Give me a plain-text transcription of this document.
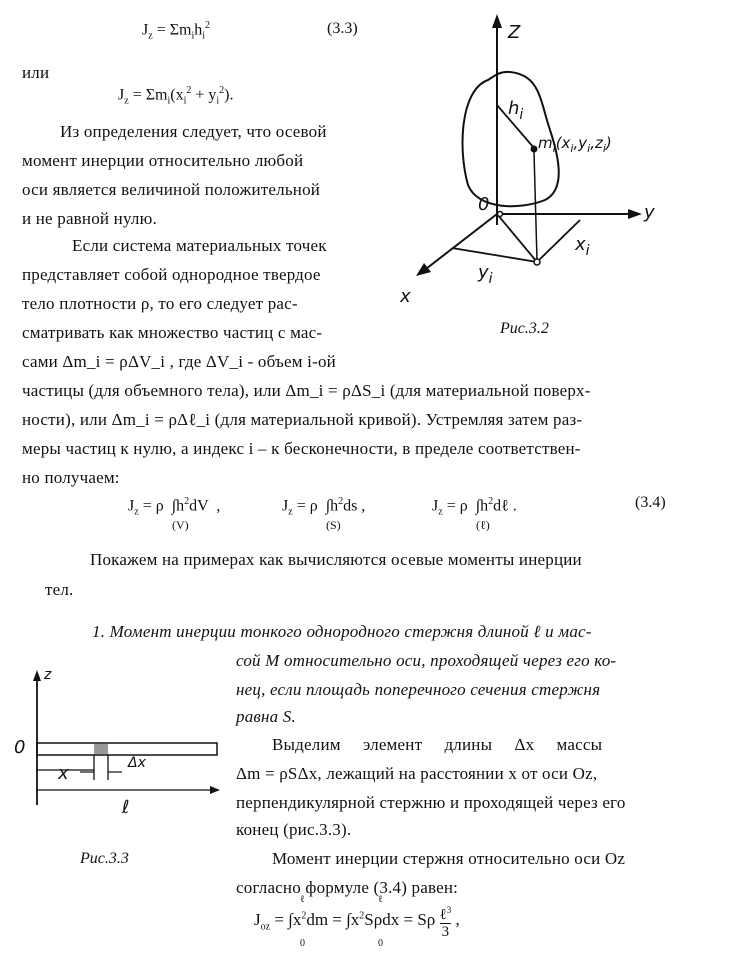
$J_z = \Sigma m_ih_i^2$	(3.3)
или
$J_z = \Sigma m_i(x_i^2 + y_i^2)$.
Из определения следует, что осевой
момент инерции относительно любой
оси является величиной положительной
и не равной нулю.
Если система материальных точек
представляет собой однородное твердое
тело плотности ρ, то его следует рас-
сматривать как множество частиц с мас-
сами Δm_i = ρΔV_i , где ΔV_i - объем i-ой
частицы (для объемного тела), или Δm_i = ρΔS_i (для материальной поверх-
ности), или Δm_i = ρΔℓ_i (для материальной кривой). Устремляя затем раз-
меры частиц к нулю, а индекс i – к бесконечности, в пределе соответствен-
но получаем:
Z
$h_i$
$m_i(x_i,y_i,z_i)$
0	y
x
$x_i$
$y_i$
Рис.3.2
$J_z = \rho$  $\int h^2dV$  ,
(V)
$J_z = \rho$  $\int h^2ds$ ,
(S)
$J_z = \rho$  $\int h^2d\ell$ .
(ℓ)
(3.4)
Покажем на примерах как вычисляются осевые моменты инерции
тел.
1. Момент инерции тонкого однородного стержня длиной ℓ и мас-
сой М относительно оси, проходящей через его ко-
нец, если площадь поперечного сечения стержня
равна S.
Выделим     элемент     длины     Δx     массы
Δm = ρSΔx, лежащий на расстоянии x от оси Oz,
перпендикулярной стержню и проходящей через его
конец (рис.3.3).
Момент инерции стержня относительно оси Oz
согласно формуле (3.4) равен:
$J_{oz} = \int x^2dm = \int x^2S\rho dx = S\rho$ ℓ$^3$
3
,
ℓ
0
ℓ
0
z
0
x	Δx
ℓ
Рис.3.3
